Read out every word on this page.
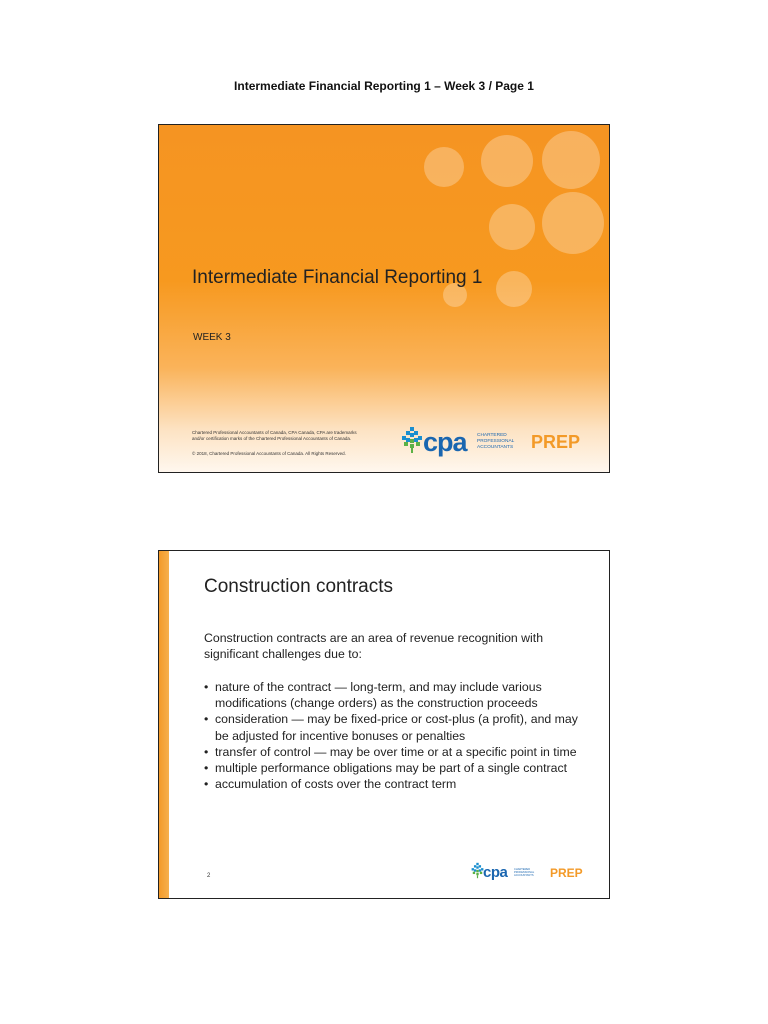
Intermediate Financial Reporting 1 – Week 3 / Page 1
Intermediate Financial Reporting 1
WEEK 3
Chartered Professional Accountants of Canada, CPA Canada, CPA are trademarks
and/or certification marks of the Chartered Professional Accountants of Canada.
© 2018, Chartered Professional Accountants of Canada. All Rights Reserved.	cpa CHARTERED
PROFESSIONAL
ACCOUNTANTS PREP
Construction contracts
Construction contracts are an area of revenue recognition with significant challenges due to:
• nature of the contract — long-term, and may include various modifications (change orders) as the construction proceeds
• consideration — may be fixed-price or cost-plus (a profit), and may be adjusted for incentive bonuses or penalties
• transfer of control — may be over time or at a specific point in time
• multiple performance obligations may be part of a single contract
• accumulation of costs over the contract term
2	cpa	CHARTERED
PROFESSIONAL
ACCOUNTANTS PREP
